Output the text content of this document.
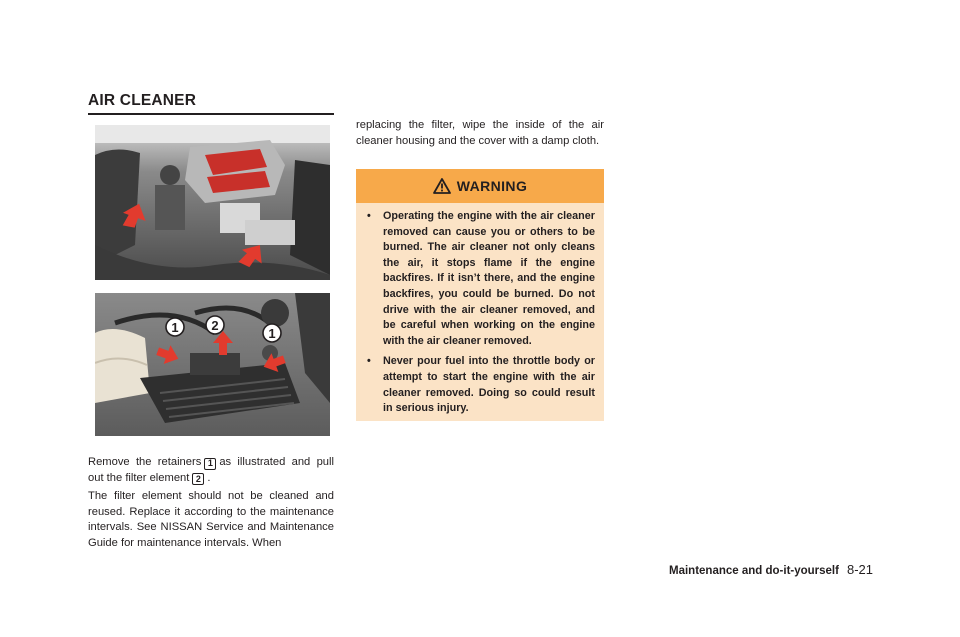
AIR CLEANER
1	2
1

Remove the retainers 1 as illustrated and pull out the filter element 2 .

The filter element should not be cleaned and reused. Replace it according to the maintenance intervals. See NISSAN Service and Maintenance Guide for maintenance intervals. When

replacing the filter, wipe the inside of the air cleaner housing and the cover with a damp cloth.

WARNING
• Operating the engine with the air cleaner removed can cause you or others to be burned. The air cleaner not only cleans the air, it stops flame if the engine backfires. If it isn’t there, and the engine backfires, you could be burned. Do not drive with the air cleaner removed, and be careful when working on the engine with the air cleaner removed.
• Never pour fuel into the throttle body or attempt to start the engine with the air cleaner removed. Doing so could result in serious injury.
Maintenance and do-it-yourself 8-21
